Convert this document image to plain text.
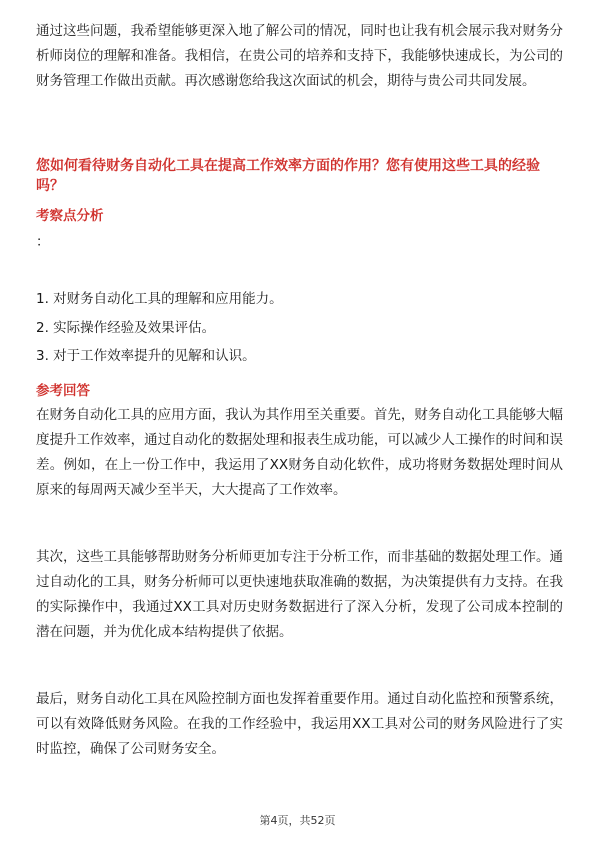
通过这些问题，我希望能够更深入地了解公司的情况，同时也让我有机会展示我对财务分析师岗位的理解和准备。我相信，在贵公司的培养和支持下，我能够快速成长，为公司的财务管理工作做出贡献。再次感谢您给我这次面试的机会，期待与贵公司共同发展。

您如何看待财务自动化工具在提高工作效率方面的作用？您有使用这些工具的经验吗？

考察点分析

：

1. 对财务自动化工具的理解和应用能力。

2. 实际操作经验及效果评估。

3. 对于工作效率提升的见解和认识。

参考回答

在财务自动化工具的应用方面，我认为其作用至关重要。首先，财务自动化工具能够大幅度提升工作效率，通过自动化的数据处理和报表生成功能，可以减少人工操作的时间和误差。例如，在上一份工作中，我运用了XX财务自动化软件，成功将财务数据处理时间从原来的每周两天减少至半天，大大提高了工作效率。

其次，这些工具能够帮助财务分析师更加专注于分析工作，而非基础的数据处理工作。通过自动化的工具，财务分析师可以更快速地获取准确的数据，为决策提供有力支持。在我的实际操作中，我通过XX工具对历史财务数据进行了深入分析，发现了公司成本控制的潜在问题，并为优化成本结构提供了依据。

最后，财务自动化工具在风险控制方面也发挥着重要作用。通过自动化监控和预警系统，可以有效降低财务风险。在我的工作经验中，我运用XX工具对公司的财务风险进行了实时监控，确保了公司财务安全。

第4页，共52页
